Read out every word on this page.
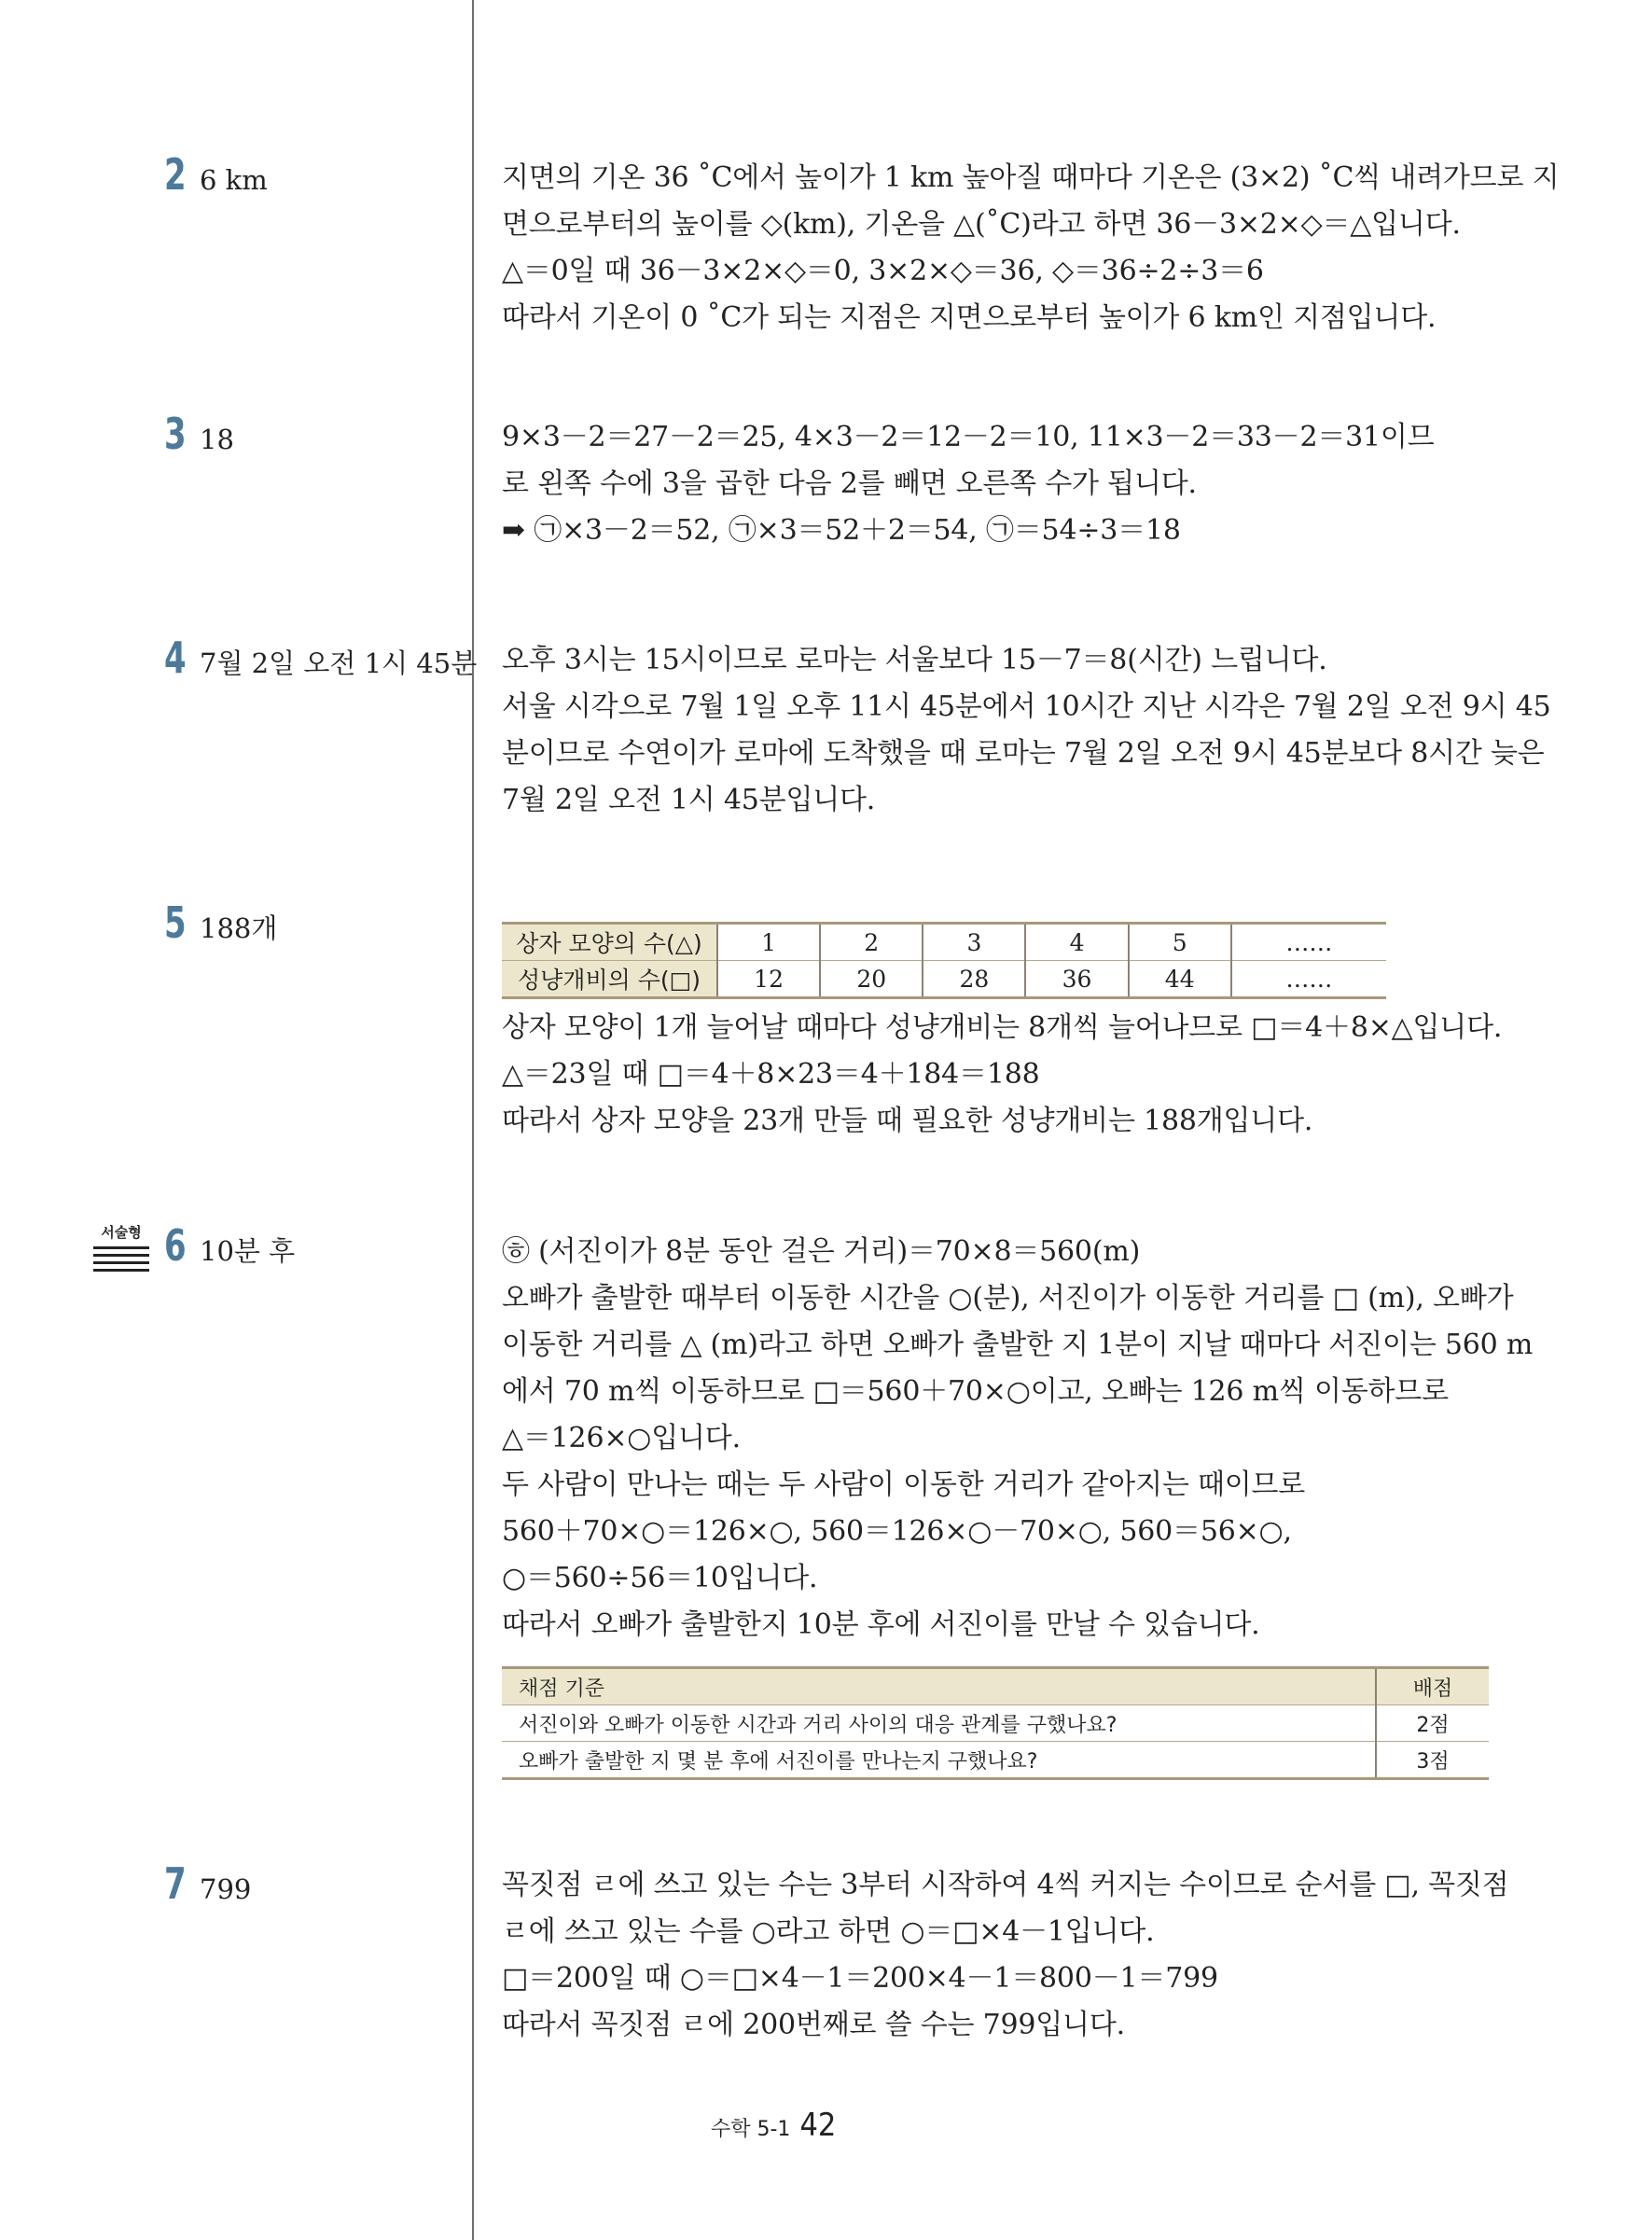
2 6 km	지면의 기온 36 ˚C에서 높이가 1 km 높아질 때마다 기온은 (3×2) ˚C씩 내려가므로 지

면으로부터의 높이를 ◇(km), 기온을 △(˚C)라고 하면 36－3×2×◇＝△입니다.

△＝0일 때 36－3×2×◇＝0, 3×2×◇＝36, ◇＝36÷2÷3＝6

따라서 기온이 0 ˚C가 되는 지점은 지면으로부터 높이가 6 km인 지점입니다.

3 18	9×3－2＝27－2＝25, 4×3－2＝12－2＝10, 11×3－2＝33－2＝31이므

로 왼쪽 수에 3을 곱한 다음 2를 빼면 오른쪽 수가 됩니다.

➡ ㉠×3－2＝52, ㉠×3＝52＋2＝54, ㉠＝54÷3＝18

4 7월 2일 오전 1시 45분 오후 3시는 15시이므로 로마는 서울보다 15－7＝8(시간) 느립니다.

서울 시각으로 7월 1일 오후 11시 45분에서 10시간 지난 시각은 7월 2일 오전 9시 45

분이므로 수연이가 로마에 도착했을 때 로마는 7월 2일 오전 9시 45분보다 8시간 늦은

7월 2일 오전 1시 45분입니다.

5 188개	상자 모양의 수(△)	1	2	3	4	5	……
성냥개비의 수(□)	12	20	28	36	44	……

상자 모양이 1개 늘어날 때마다 성냥개비는 8개씩 늘어나므로 □＝4＋8×△입니다.

△＝23일 때 □＝4＋8×23＝4＋184＝188

따라서 상자 모양을 23개 만들 때 필요한 성냥개비는 188개입니다.

서술형 6 10분 후	㉭ (서진이가 8분 동안 걸은 거리)＝70×8＝560(m)

오빠가 출발한 때부터 이동한 시간을 ○(분), 서진이가 이동한 거리를 □ (m), 오빠가

이동한 거리를 △ (m)라고 하면 오빠가 출발한 지 1분이 지날 때마다 서진이는 560 m

에서 70 m씩 이동하므로 □＝560＋70×○이고, 오빠는 126 m씩 이동하므로

△＝126×○입니다.

두 사람이 만나는 때는 두 사람이 이동한 거리가 같아지는 때이므로

560＋70×○＝126×○, 560＝126×○－70×○, 560＝56×○,

○＝560÷56＝10입니다.

따라서 오빠가 출발한지 10분 후에 서진이를 만날 수 있습니다.

채점 기준	배점
서진이와 오빠가 이동한 시간과 거리 사이의 대응 관계를 구했나요?	2점
오빠가 출발한 지 몇 분 후에 서진이를 만나는지 구했나요?	3점
7 799	꼭짓점 ㄹ에 쓰고 있는 수는 3부터 시작하여 4씩 커지는 수이므로 순서를 □, 꼭짓점

ㄹ에 쓰고 있는 수를 ○라고 하면 ○＝□×4－1입니다.

□＝200일 때 ○＝□×4－1＝200×4－1＝800－1＝799

따라서 꼭짓점 ㄹ에 200번째로 쓸 수는 799입니다.

수학 5-1 42
